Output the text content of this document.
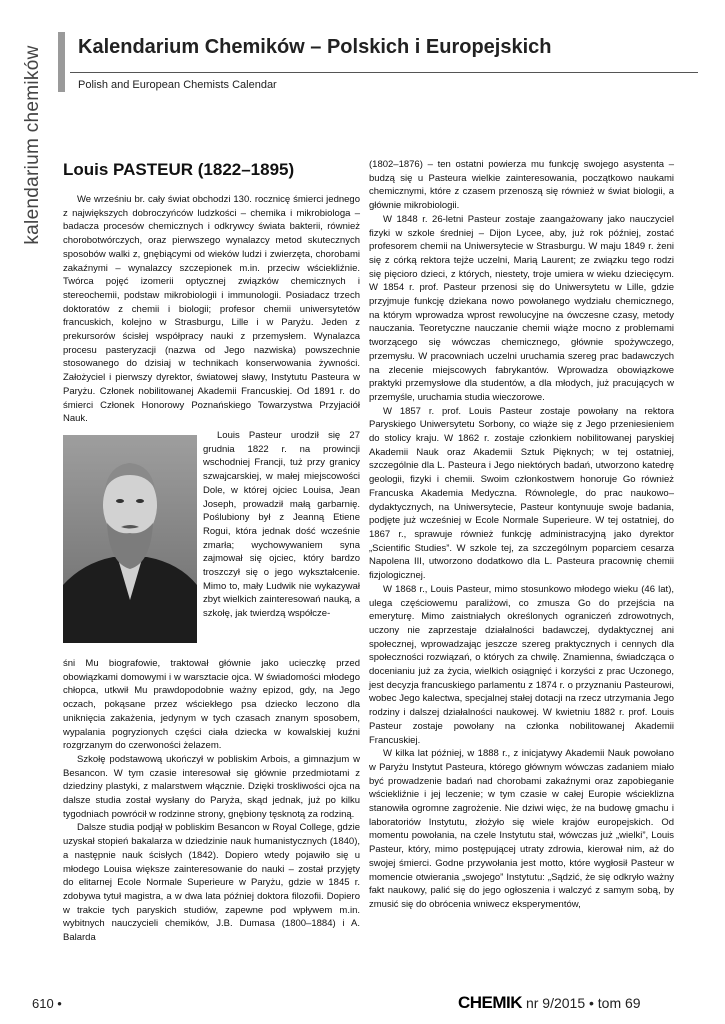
kalendarium chemików Kalendarium Chemików – Polskich i Europejskich
Polish and European Chemists Calendar
Louis PASTEUR (1822–1895)

We wrześniu br. cały świat obchodzi 130. rocznicę śmierci jednego z największych dobroczyńców ludzkości – chemika i mikrobiologa – badacza procesów chemicznych i odkrywcy świata bakterii, również chorobotwórczych, oraz pierwszego wynalazcy metod skutecznych sposobów walki z, gnębiącymi od wieków ludzi i zwierzęta, chorobami zakaźnymi – wynalazcy szczepionek m.in. przeciw wściekliźnie. Twórca pojęć izomerii optycznej związków chemicznych i stereochemii, podstaw mikrobiologii i immunologii. Posiadacz trzech doktoratów z chemii i biologii; profesor chemii uniwersytetów francuskich, kolejno w Strasburgu, Lille i w Paryżu. Jeden z prekursorów ścisłej współpracy nauki z przemysłem. Wynalazca procesu pasteryzacji (nazwa od Jego nazwiska) powszechnie stosowanego do dzisiaj w technikach konserwowania żywności. Założyciel i pierwszy dyrektor, światowej sławy, Instytutu Pasteura w Paryżu. Członek nobilitowanej Akademii Francuskiej. Od 1891 r. do śmierci Członek Honorowy Poznańskiego Towarzystwa Przyjaciół Nauk.

Louis Pasteur urodził się 27 grudnia 1822 r. na prowincji wschodniej Francji, tuż przy granicy szwajcarskiej, w małej miejscowości Dole, w której ojciec Louisa, Jean Joseph, prowadził małą garbarnię. Poślubiony był z Jeanną Etiene Rogui, która jednak dość wcześnie zmarła; wychowywaniem syna zajmował się ojciec, który bardzo troszczył się o jego wykształcenie. Mimo to, mały Ludwik nie wykazywał zbyt wielkich zainteresowań nauką, a szkołę, jak twierdzą współcze-

śni Mu biografowie, traktował głównie jako ucieczkę przed obowiązkami domowymi i w warsztacie ojca. W świadomości młodego chłopca, utkwił Mu prawdopodobnie ważny epizod, gdy, na Jego oczach, pokąsane przez wściekłego psa dziecko leczono dla uniknięcia zakażenia, jedynym w tych czasach znanym sposobem, wypalania pogryzionych części ciała dziecka w kowalskiej kuźni rozgrzanym do czerwoności żelazem.

Szkołę podstawową ukończył w pobliskim Arbois, a gimnazjum w Besancon. W tym czasie interesował się głównie przedmiotami z dziedziny plastyki, z malarstwem włącznie. Dzięki troskliwości ojca na dalsze studia został wysłany do Paryża, skąd jednak, już po kilku tygodniach powrócił w rodzinne strony, gnębiony tęsknotą za rodziną.

Dalsze studia podjął w pobliskim Besancon w Royal College, gdzie uzyskał stopień bakalarza w dziedzinie nauk humanistycznych (1840), a następnie nauk ścisłych (1842). Dopiero wtedy pojawiło się u młodego Louisa większe zainteresowanie do nauki – został przyjęty do elitarnej Ecole Normale Superieure w Paryżu, gdzie w 1845 r. zdobywa tytuł magistra, a w dwa lata później doktora filozofii. Dopiero w trakcie tych paryskich studiów, zapewne pod wpływem m.in. wybitnych nauczycieli chemików, J.B. Dumasa (1800–1884) i A. Balarda

(1802–1876) – ten ostatni powierza mu funkcję swojego asystenta – budzą się u Pasteura wielkie zainteresowania, początkowo naukami chemicznymi, które z czasem przenoszą się również w świat biologii, a głównie mikrobiologii.

W 1848 r. 26-letni Pasteur zostaje zaangażowany jako nauczyciel fizyki w szkole średniej – Dijon Lycee, aby, już rok później, zostać profesorem chemii na Uniwersytecie w Strasburgu. W maju 1849 r. żeni się z córką rektora tejże uczelni, Marią Laurent; ze związku tego rodzi się pięcioro dzieci, z których, niestety, troje umiera w wieku dziecięcym. W 1854 r. prof. Pasteur przenosi się do Uniwersytetu w Lille, gdzie przyjmuje funkcję dziekana nowo powołanego wydziału chemicznego, na którym wprowadza wprost rewolucyjne na ówczesne czasy, metody nauczania. Teoretyczne nauczanie chemii wiąże mocno z problemami tworzącego się wówczas chemicznego, głównie spożywczego, przemysłu. W pracowniach uczelni uruchamia szereg prac badawczych na zlecenie miejscowych fabrykantów. Wprowadza obowiązkowe praktyki przemysłowe dla studentów, a dla młodych, już pracujących w przemyśle, uruchamia studia wieczorowe.

W 1857 r. prof. Louis Pasteur zostaje powołany na rektora Paryskiego Uniwersytetu Sorbony, co wiąże się z Jego przeniesieniem do stolicy kraju. W 1862 r. zostaje członkiem nobilitowanej paryskiej Akademii Nauk oraz Akademii Sztuk Pięknych; w tej ostatniej, szczególnie dla L. Pasteura i Jego niektórych badań, utworzono katedrę geologii, fizyki i chemii. Swoim członkostwem honoruje Go również Francuska Akademia Medyczna. Równolegle, do prac naukowo–dydaktycznych, na Uniwersytecie, Pasteur kontynuuje swoje badania, podjęte już wcześniej w Ecole Normale Superieure. W tej ostatniej, do 1867 r., sprawuje również funkcję administracyjną jako dyrektor „Scientific Studies”. W szkole tej, za szczególnym poparciem cesarza Napolena III, utworzono dodatkowo dla L. Pasteura pracownię chemii fizjologicznej.

W 1868 r., Louis Pasteur, mimo stosunkowo młodego wieku (46 lat), ulega częściowemu paraliżowi, co zmusza Go do przejścia na emeryturę. Mimo zaistniałych określonych ograniczeń zdrowotnych, uczony nie zaprzestaje działalności badawczej, dydaktycznej ani społecznej, wprowadzając jeszcze szereg praktycznych i cennych dla społeczności rozwiązań, o których za chwilę. Znamienna, świadcząca o docenianiu już za życia, wielkich osiągnięć i korzyści z prac Uczonego, jest decyzja francuskiego parlamentu z 1874 r. o przyznaniu Pasteurowi, wobec Jego kalectwa, specjalnej stałej dotacji na rzecz utrzymania Jego rodziny i dalszej działalności naukowej. W kwietniu 1882 r. prof. Louis Pasteur zostaje powołany na członka nobilitowanej Akademii Francuskiej.

W kilka lat później, w 1888 r., z inicjatywy Akademii Nauk powołano w Paryżu Instytut Pasteura, którego głównym wówczas zadaniem miało być prowadzenie badań nad chorobami zakaźnymi oraz zapobieganie wściekliźnie i jej leczenie; w tym czasie w całej Europie wścieklizna stanowiła ogromne zagrożenie. Nie dziwi więc, że na budowę gmachu i laboratoriów Instytutu, złożyło się wiele krajów europejskich. Od momentu powołania, na czele Instytutu stał, wówczas już „wielki”, Louis Pasteur, który, mimo postępującej utraty zdrowia, kierował nim, aż do swojej śmierci. Godne przywołania jest motto, które wygłosił Pasteur w momencie otwierania „swojego” Instytutu: „Sądzić, że się odkryło ważny fakt naukowy, palić się do jego ogłoszenia i walczyć z samym sobą, by zmusić się do obrócenia wniwecz eksperymentów,

610 •	CHEMIK nr 9/2015 • tom 69
